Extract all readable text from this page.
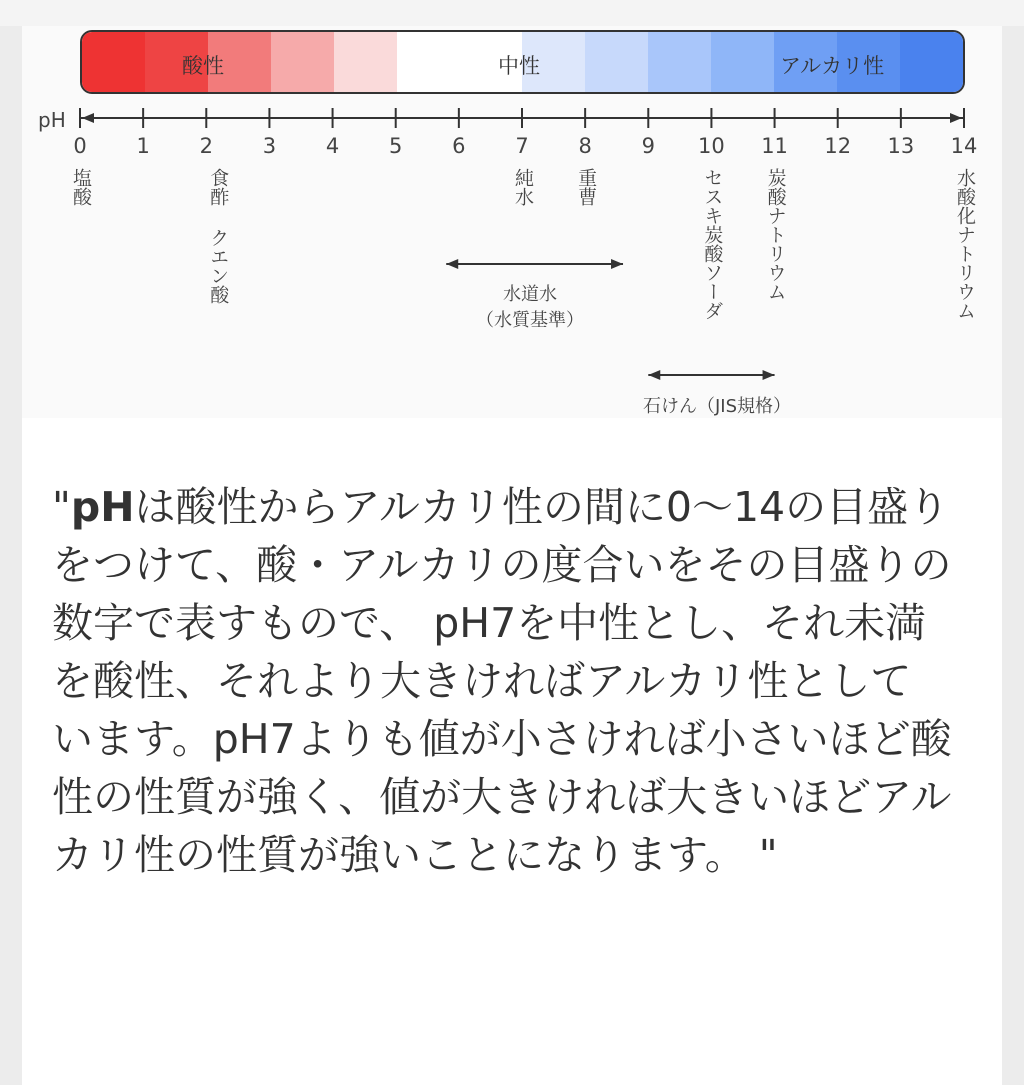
酸性	中性	アルカリ性
pH
0	1	2	3	4	5	6	7	8	9	10	11	12	13	14
塩酸	食酢 クエン酸	純水 重曹	セスキ炭酸ソーダ 炭酸ナトリウム	水酸化ナトリウム
水道水
（水質基準）
石けん（JIS規格）
"pHは酸性からアルカリ性の間に0〜14の目盛りをつけて、酸・アルカリの度合いをその目盛りの数字で表すもので、 pH7を中性とし、それ未満を酸性、それより大きければアルカリ性としています。pH7よりも値が小さければ小さいほど酸性の性質が強く、値が大きければ大きいほどアルカリ性の性質が強いことになります。 "
